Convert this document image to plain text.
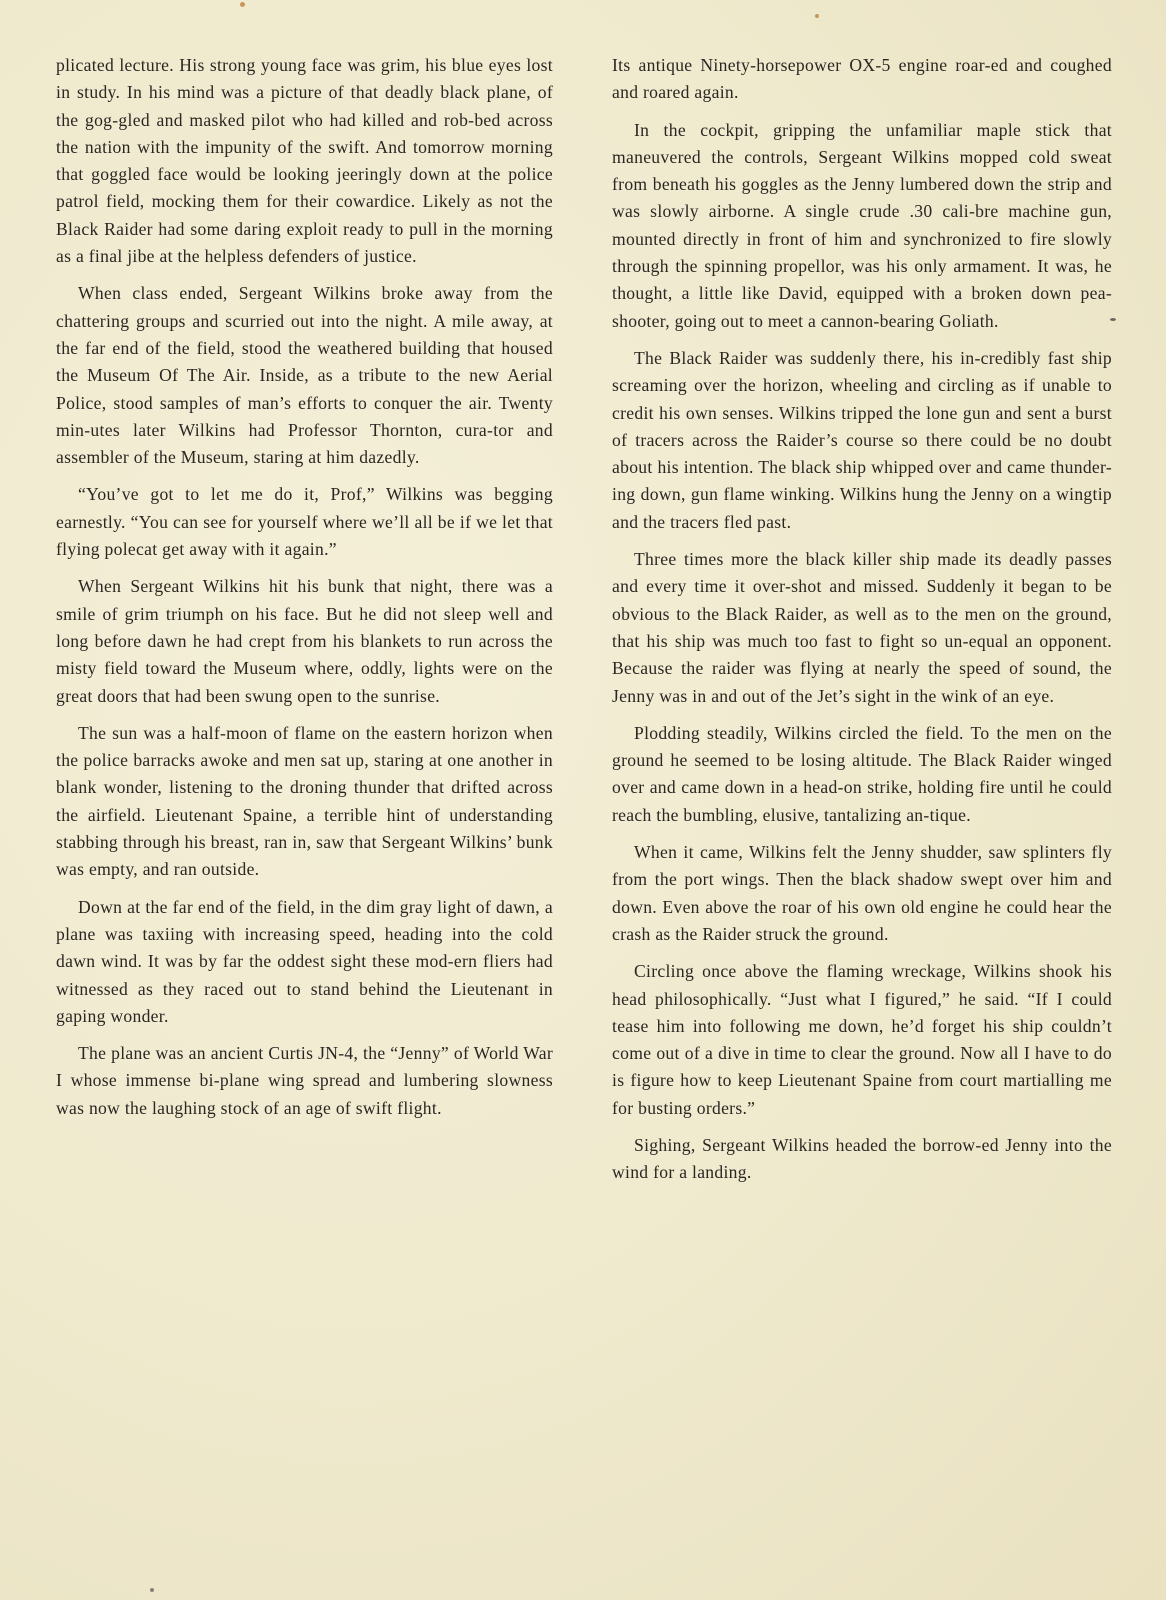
plicated lecture. His strong young face was grim, his blue eyes lost in study. In his mind was a picture of that deadly black plane, of the gog-gled and masked pilot who had killed and rob-bed across the nation with the impunity of the swift. And tomorrow morning that goggled face would be looking jeeringly down at the police patrol field, mocking them for their cowardice. Likely as not the Black Raider had some daring exploit ready to pull in the morning as a final jibe at the helpless defenders of justice.

When class ended, Sergeant Wilkins broke away from the chattering groups and scurried out into the night. A mile away, at the far end of the field, stood the weathered building that housed the Museum Of The Air. Inside, as a tribute to the new Aerial Police, stood samples of man’s efforts to conquer the air. Twenty min-utes later Wilkins had Professor Thornton, cura-tor and assembler of the Museum, staring at him dazedly.

“You’ve got to let me do it, Prof,” Wilkins was begging earnestly. “You can see for yourself where we’ll all be if we let that flying polecat get away with it again.”

When Sergeant Wilkins hit his bunk that night, there was a smile of grim triumph on his face. But he did not sleep well and long before dawn he had crept from his blankets to run across the misty field toward the Museum where, oddly, lights were on the great doors that had been swung open to the sunrise.

The sun was a half-moon of flame on the eastern horizon when the police barracks awoke and men sat up, staring at one another in blank wonder, listening to the droning thunder that drifted across the airfield. Lieutenant Spaine, a terrible hint of understanding stabbing through his breast, ran in, saw that Sergeant Wilkins’ bunk was empty, and ran outside.

Down at the far end of the field, in the dim gray light of dawn, a plane was taxiing with increasing speed, heading into the cold dawn wind. It was by far the oddest sight these mod-ern fliers had witnessed as they raced out to stand behind the Lieutenant in gaping wonder.

The plane was an ancient Curtis JN-4, the “Jenny” of World War I whose immense bi-plane wing spread and lumbering slowness was now the laughing stock of an age of swift flight.

Its antique Ninety-horsepower OX-5 engine roar-ed and coughed and roared again.

In the cockpit, gripping the unfamiliar maple stick that maneuvered the controls, Sergeant Wilkins mopped cold sweat from beneath his goggles as the Jenny lumbered down the strip and was slowly airborne. A single crude .30 cali-bre machine gun, mounted directly in front of him and synchronized to fire slowly through the spinning propellor, was his only armament. It was, he thought, a little like David, equipped with a broken down pea-shooter, going out to meet a cannon-bearing Goliath.

The Black Raider was suddenly there, his in-credibly fast ship screaming over the horizon, wheeling and circling as if unable to credit his own senses. Wilkins tripped the lone gun and sent a burst of tracers across the Raider’s course so there could be no doubt about his intention. The black ship whipped over and came thunder-ing down, gun flame winking. Wilkins hung the Jenny on a wingtip and the tracers fled past.

Three times more the black killer ship made its deadly passes and every time it over-shot and missed. Suddenly it began to be obvious to the Black Raider, as well as to the men on the ground, that his ship was much too fast to fight so un-equal an opponent. Because the raider was flying at nearly the speed of sound, the Jenny was in and out of the Jet’s sight in the wink of an eye.

Plodding steadily, Wilkins circled the field. To the men on the ground he seemed to be losing altitude. The Black Raider winged over and came down in a head-on strike, holding fire until he could reach the bumbling, elusive, tantalizing an-tique.

When it came, Wilkins felt the Jenny shudder, saw splinters fly from the port wings. Then the black shadow swept over him and down. Even above the roar of his own old engine he could hear the crash as the Raider struck the ground.

Circling once above the flaming wreckage, Wilkins shook his head philosophically. “Just what I figured,” he said. “If I could tease him into following me down, he’d forget his ship couldn’t come out of a dive in time to clear the ground. Now all I have to do is figure how to keep Lieutenant Spaine from court martialling me for busting orders.”

Sighing, Sergeant Wilkins headed the borrow-ed Jenny into the wind for a landing.
